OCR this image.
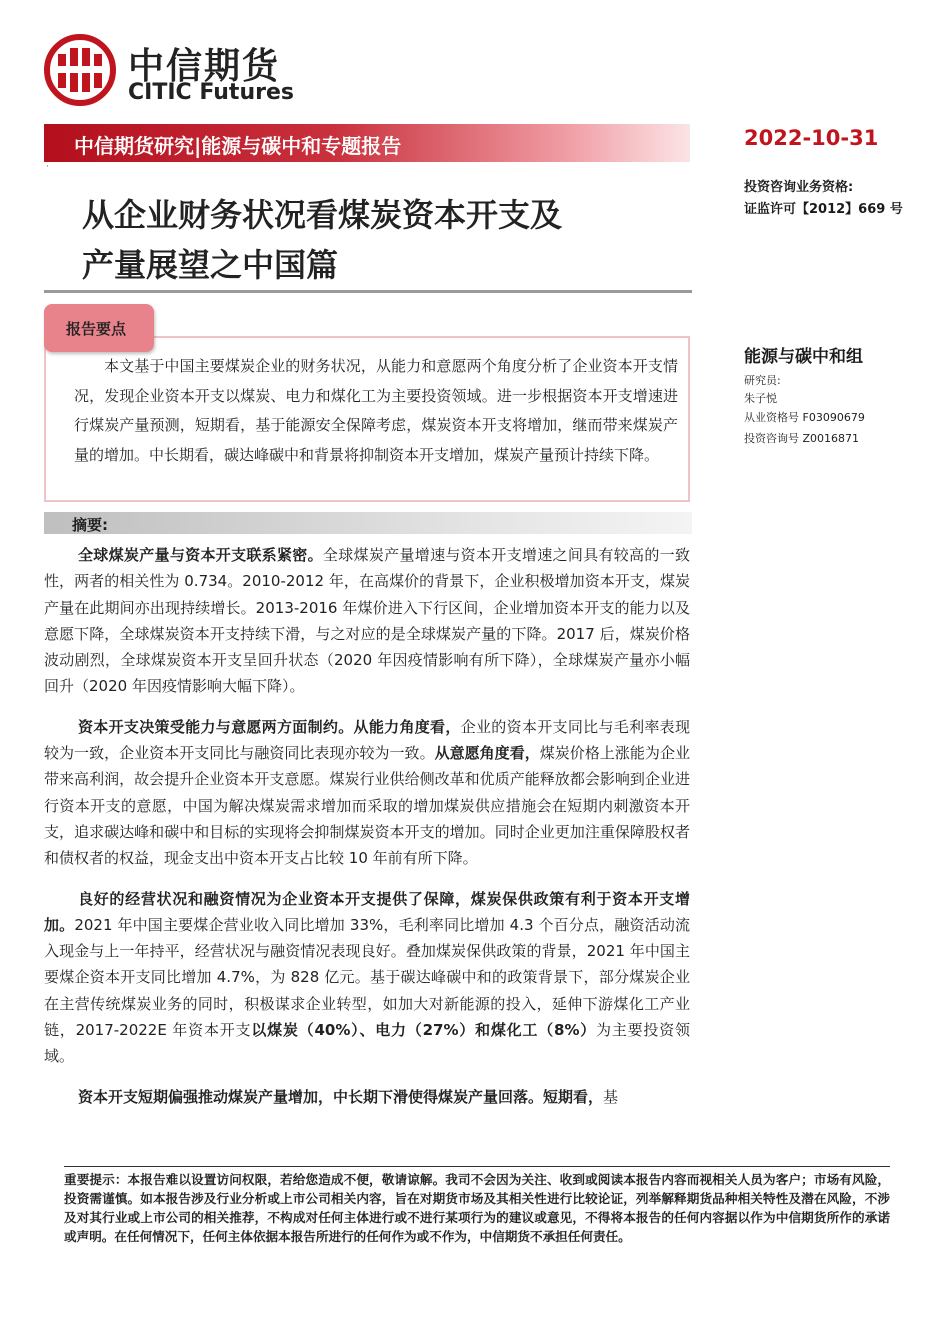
中信期货
CITIC Futures
中信期货研究|能源与碳中和专题报告
·
2022-10-31
投资咨询业务资格:
证监许可【2012】669 号
从企业财务状况看煤炭资本开支及
产量展望之中国篇
报告要点

本文基于中国主要煤炭企业的财务状况，从能力和意愿两个角度分析了企业资本开支情况，发现企业资本开支以煤炭、电力和煤化工为主要投资领域。进一步根据资本开支增速进行煤炭产量预测，短期看，基于能源安全保障考虑，煤炭资本开支将增加，继而带来煤炭产量的增加。中长期看，碳达峰碳中和背景将抑制资本开支增加，煤炭产量预计持续下降。

能源与碳中和组
研究员:
朱子悦
从业资格号 F03090679
投资咨询号 Z0016871
摘要:

全球煤炭产量与资本开支联系紧密。全球煤炭产量增速与资本开支增速之间具有较高的一致性，两者的相关性为 0.734。2010-2012 年，在高煤价的背景下，企业积极增加资本开支，煤炭产量在此期间亦出现持续增长。2013-2016 年煤价进入下行区间，企业增加资本开支的能力以及意愿下降，全球煤炭资本开支持续下滑，与之对应的是全球煤炭产量的下降。2017 后，煤炭价格波动剧烈，全球煤炭资本开支呈回升状态（2020 年因疫情影响有所下降），全球煤炭产量亦小幅回升（2020 年因疫情影响大幅下降）。

资本开支决策受能力与意愿两方面制约。从能力角度看，企业的资本开支同比与毛利率表现较为一致，企业资本开支同比与融资同比表现亦较为一致。从意愿角度看，煤炭价格上涨能为企业带来高利润，故会提升企业资本开支意愿。煤炭行业供给侧改革和优质产能释放都会影响到企业进行资本开支的意愿，中国为解决煤炭需求增加而采取的增加煤炭供应措施会在短期内刺激资本开支，追求碳达峰和碳中和目标的实现将会抑制煤炭资本开支的增加。同时企业更加注重保障股权者和债权者的权益，现金支出中资本开支占比较 10 年前有所下降。

良好的经营状况和融资情况为企业资本开支提供了保障，煤炭保供政策有利于资本开支增加。2021 年中国主要煤企营业收入同比增加 33%，毛利率同比增加 4.3 个百分点，融资活动流入现金与上一年持平，经营状况与融资情况表现良好。叠加煤炭保供政策的背景，2021 年中国主要煤企资本开支同比增加 4.7%，为 828 亿元。基于碳达峰碳中和的政策背景下，部分煤炭企业在主营传统煤炭业务的同时，积极谋求企业转型，如加大对新能源的投入，延伸下游煤化工产业链，2017-2022E 年资本开支以煤炭（40%）、电力（27%）和煤化工（8%）为主要投资领域。

资本开支短期偏强推动煤炭产量增加，中长期下滑使得煤炭产量回落。短期看，基

重要提示：本报告难以设置访问权限，若给您造成不便，敬请谅解。我司不会因为关注、收到或阅读本报告内容而视相关人员为客户；市场有风险，投资需谨慎。如本报告涉及行业分析或上市公司相关内容，旨在对期货市场及其相关性进行比较论证，列举解释期货品种相关特性及潜在风险，不涉及对其行业或上市公司的相关推荐，不构成对任何主体进行或不进行某项行为的建议或意见，不得将本报告的任何内容据以作为中信期货所作的承诺或声明。在任何情况下，任何主体依据本报告所进行的任何作为或不作为，中信期货不承担任何责任。
